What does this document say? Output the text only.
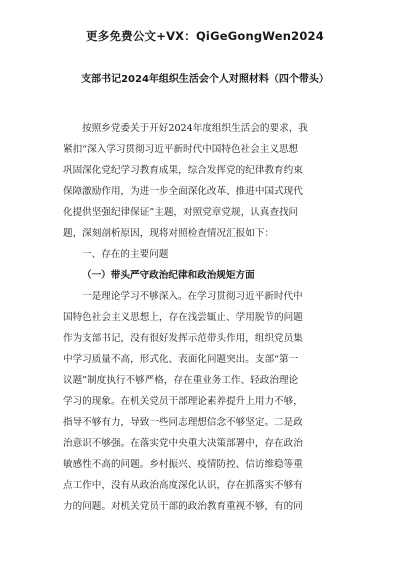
更多免费公文+VX：QiGeGongWen2024
支部书记2024年组织生活会个人对照材料（四个带头）
按照乡党委关于开好2024年度组织生活会的要求，我
紧扣“深入学习贯彻习近平新时代中国特色社会主义思想
巩固深化党纪学习教育成果，综合发挥党的纪律教育约束
保障激励作用，为进一步全面深化改革、推进中国式现代
化提供坚强纪律保证”主题，对照党章党规，认真查找问
题，深刻剖析原因，现将对照检查情况汇报如下：
一、存在的主要问题
（一）带头严守政治纪律和政治规矩方面
一是理论学习不够深入。在学习贯彻习近平新时代中
国特色社会主义思想上，存在浅尝辄止、学用脱节的问题
作为支部书记，没有很好发挥示范带头作用，组织党员集
中学习质量不高，形式化、表面化问题突出。支部“第一
议题”制度执行不够严格，存在重业务工作、轻政治理论
学习的现象。在机关党员干部理论素养提升上用力不够，
指导不够有力，导致一些同志理想信念不够坚定。二是政
治意识不够强。在落实党中央重大决策部署中，存在政治
敏感性不高的问题。乡村振兴、疫情防控、信访维稳等重
点工作中，没有从政治高度深化认识，存在抓落实不够有
力的问题。对机关党员干部的政治教育重视不够，有的同
